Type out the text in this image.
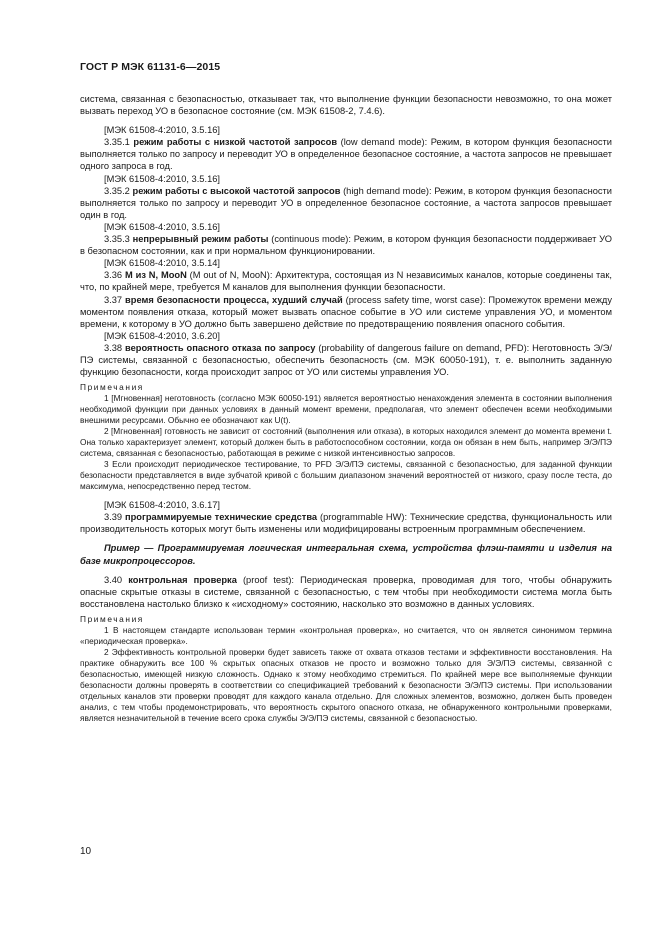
ГОСТ Р МЭК 61131-6—2015

система, связанная с безопасностью, отказывает так, что выполнение функции безопасности невозможно, то она может вызвать переход УО в безопасное состояние (см. МЭК 61508-2, 7.4.6).

[МЭК 61508-4:2010, 3.5.16]

3.35.1 режим работы с низкой частотой запросов (low demand mode): Режим, в котором функция безопасности выполняется только по запросу и переводит УО в определенное безопасное состояние, а частота запросов не превышает одного запроса в год.

[МЭК 61508-4:2010, 3.5.16]

3.35.2 режим работы с высокой частотой запросов (high demand mode): Режим, в котором функция безопасности выполняется только по запросу и переводит УО в определенное безопасное состояние, а частота запросов превышает один в год.

[МЭК 61508-4:2010, 3.5.16]

3.35.3 непрерывный режим работы (continuous mode): Режим, в котором функция безопасности поддерживает УО в безопасном состоянии, как и при нормальном функционировании.

[МЭК 61508-4:2010, 3.5.14]

3.36 М из N, MooN (M out of N, MooN): Архитектура, состоящая из N независимых каналов, которые соединены так, что, по крайней мере, требуется M каналов для выполнения функции безопасности.

3.37 время безопасности процесса, худший случай (process safety time, worst case): Промежуток времени между моментом появления отказа, который может вызвать опасное событие в УО или системе управления УО, и моментом времени, к которому в УО должно быть завершено действие по предотвращению появления опасного события.

[МЭК 61508-4:2010, 3.6.20]

3.38 вероятность опасного отказа по запросу (probability of dangerous failure on demand, PFD): Неготовность Э/Э/ПЭ системы, связанной с безопасностью, обеспечить безопасность (см. МЭК 60050-191), т. е. выполнить заданную функцию безопасности, когда происходит запрос от УО или системы управления УО.

Примечания

1 [Мгновенная] неготовность (согласно МЭК 60050-191) является вероятностью ненахождения элемента в состоянии выполнения необходимой функции при данных условиях в данный момент времени, предполагая, что элемент обеспечен всеми необходимыми внешними ресурсами. Обычно ее обозначают как U(t).

2 [Мгновенная] готовность не зависит от состояний (выполнения или отказа), в которых находился элемент до момента времени t. Она только характеризует элемент, который должен быть в работоспособном состоянии, когда он обязан в нем быть, например Э/Э/ПЭ система, связанная с безопасностью, работающая в режиме с низкой интенсивностью запросов.

3 Если происходит периодическое тестирование, то PFD Э/Э/ПЭ системы, связанной с безопасностью, для заданной функции безопасности представляется в виде зубчатой кривой с большим диапазоном значений вероятностей от низкого, сразу после теста, до максимума, непосредственно перед тестом.

[МЭК 61508-4:2010, 3.6.17]

3.39 программируемые технические средства (programmable HW): Технические средства, функциональность или производительность которых могут быть изменены или модифицированы встроенным программным обеспечением.

Пример — Программируемая логическая интегральная схема, устройства флэш-памяти и изделия на базе микропроцессоров.

3.40 контрольная проверка (proof test): Периодическая проверка, проводимая для того, чтобы обнаружить опасные скрытые отказы в системе, связанной с безопасностью, с тем чтобы при необходимости система могла быть восстановлена настолько близко к «исходному» состоянию, насколько это возможно в данных условиях.

Примечания

1 В настоящем стандарте использован термин «контрольная проверка», но считается, что он является синонимом термина «периодическая проверка».

2 Эффективность контрольной проверки будет зависеть также от охвата отказов тестами и эффективности восстановления. На практике обнаружить все 100 % скрытых опасных отказов не просто и возможно только для Э/Э/ПЭ системы, связанной с безопасностью, имеющей низкую сложность. Однако к этому необходимо стремиться. По крайней мере все выполняемые функции безопасности должны проверять в соответствии со спецификацией требований к безопасности Э/Э/ПЭ системы. При использовании отдельных каналов эти проверки проводят для каждого канала отдельно. Для сложных элементов, возможно, должен быть проведен анализ, с тем чтобы продемонстрировать, что вероятность скрытого опасного отказа, не обнаруженного контрольными проверками, является незначительной в течение всего срока службы Э/Э/ПЭ системы, связанной с безопасностью.

10
